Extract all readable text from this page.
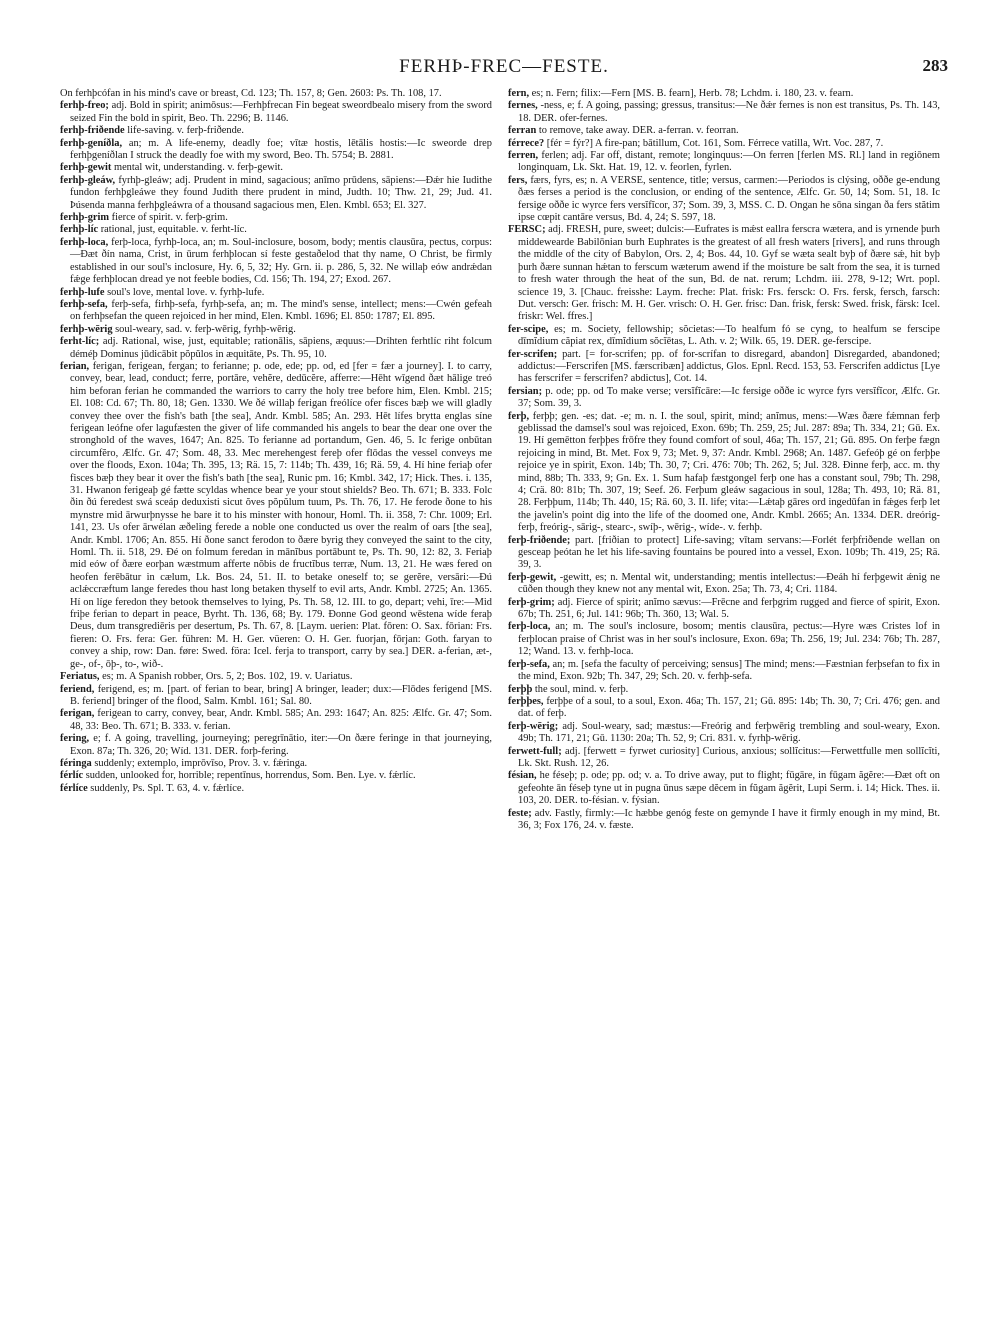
FERHÞ-FREC—FESTE.	283

On ferhþcófan in his mind's cave or breast, Cd. 123; Th. 157, 8; Gen. 2603: Ps. Th. 108, 17.

ferhþ-freo; adj. Bold in spirit; animōsus:—Ferhþfrecan Fin begeat sweordbealo misery from the sword seized Fin the bold in spirit, Beo. Th. 2296; B. 1146.

ferhþ-friðende life-saving. v. ferþ-friðende.

ferhþ-geníðla, an; m. A life-enemy, deadly foe; vītæ hostis, lētālis hostis:—Ic sweorde drep ferhþgeníðlan I struck the deadly foe with my sword, Beo. Th. 5754; B. 2881.

ferhþ-gewit mental wit, understanding. v. ferþ-gewit.

ferhþ-gleáw, fyrhþ-gleáw; adj. Prudent in mind, sagacious; anīmo prūdens, sāpiens:—Ðǽr hie Iudithe fundon ferhþgleáwe they found Judith there prudent in mind, Judth. 10; Thw. 21, 29; Jud. 41. Þúsenda manna ferhþgleáwra of a thousand sagacious men, Elen. Kmbl. 653; El. 327.

ferhþ-grim fierce of spirit. v. ferþ-grim.

ferhþ-líc rational, just, equitable. v. ferht-líc.

ferhþ-loca, ferþ-loca, fyrhþ-loca, an; m. Soul-inclosure, bosom, body; mentis clausūra, pectus, corpus:—Ðæt ðín nama, Crist, in ūrum ferhþlocan sí feste gestaðelod that thy name, O Christ, be firmly established in our soul's inclosure, Hy. 6, 5, 32; Hy. Grn. ii. p. 286, 5, 32. Ne willaþ eów andrǽdan fǽge ferhþlocan dread ye not feeble bodies, Cd. 156; Th. 194, 27; Exod. 267.

ferhþ-lufe soul's love, mental love. v. fyrhþ-lufe.

ferhþ-sefa, ferþ-sefa, firhþ-sefa, fyrhþ-sefa, an; m. The mind's sense, intellect; mens:—Cwén gefeah on ferhþsefan the queen rejoiced in her mind, Elen. Kmbl. 1696; El. 850: 1787; El. 895.

ferhþ-wērig soul-weary, sad. v. ferþ-wērig, fyrhþ-wērig.

ferht-líc; adj. Rational, wise, just, equitable; rationālis, sāpiens, æquus:—Drihten ferhtlíc riht folcum déméþ Dominus jūdicābit pŏpŭlos in æquitāte, Ps. Th. 95, 10.

ferian, ferigan, ferigean, fergan; to ferianne; p. ode, ede; pp. od, ed [fer = fær a journey]. I. to carry, convey, bear, lead, conduct; ferre, portāre, vehĕre, dedūcĕre, afferre:—Hēht wīgend ðæt hālige treó him beforan ferian he commanded the warriors to carry the holy tree before him, Elen. Kmbl. 215; El. 108: Cd. 67; Th. 80, 18; Gen. 1330. We ðé willaþ ferigan freólíce ofer fisces bæþ we will gladly convey thee over the fish's bath [the sea], Andr. Kmbl. 585; An. 293. Hēt lífes brytta englas síne ferigean leófne ofer lagufæsten the giver of life commanded his angels to bear the dear one over the stronghold of the waves, 1647; An. 825. To ferianne ad portandum, Gen. 46, 5. Ic ferige onbūtan circumfĕro, Ælfc. Gr. 47; Som. 48, 33. Mec merehengest fereþ ofer flōdas the vessel conveys me over the floods, Exon. 104a; Th. 395, 13; Rä. 15, 7: 114b; Th. 439, 16; Rä. 59, 4. Hí hine feriaþ ofer fisces bæþ they bear it over the fish's bath [the sea], Runic pm. 16; Kmbl. 342, 17; Hick. Thes. i. 135, 31. Hwanon ferigeaþ gé fætte scyldas whence bear ye your stout shields? Beo. Th. 671; B. 333. Folc ðin ðú feredest swá sceáp deduxisti sicut ŏves pŏpŭlum tuum, Ps. Th. 76, 17. He ferode ðone to his mynstre mid ārwurþnysse he bare it to his minster with honour, Homl. Th. ii. 358, 7: Chr. 1009; Erl. 141, 23. Us ofer ārwélan æðeling ferede a noble one conducted us over the realm of oars [the sea], Andr. Kmbl. 1706; An. 855. Hí ðone sanct ferodon to ðære byrig they conveyed the saint to the city, Homl. Th. ii. 518, 29. Ðé on folmum feredan in mānĭbus portābunt te, Ps. Th. 90, 12: 82, 3. Feriaþ mid eów of ðære eorþan wæstmum afferte nŏbis de fructĭbus terræ, Num. 13, 21. He wæs fered on heofen ferēbātur in cælum, Lk. Bos. 24, 51. II. to betake oneself to; se gerĕre, versāri:—Ðú aclǽccræftum lange feredes thou hast long betaken thyself to evil arts, Andr. Kmbl. 2725; An. 1365. Hí on líge feredon they betook themselves to lying, Ps. Th. 58, 12. III. to go, depart; vehi, īre:—Mid friþe ferian to depart in peace, Byrht. Th. 136, 68; By. 179. Ðonne God geond wēstena wíde feraþ Deus, dum transgrediēris per desertum, Ps. Th. 67, 8. [Laym. uerien: Plat. fōren: O. Sax. fōrian: Frs. fieren: O. Frs. fera: Ger. führen: M. H. Ger. vüeren: O. H. Ger. fuorjan, fōrjan: Goth. faryan to convey a ship, row: Dan. føre: Swed. föra: Icel. ferja to transport, carry by sea.] DER. a-ferian, æt-, ge-, of-, ōþ-, to-, wið-.

Feriatus, es; m. A Spanish robber, Ors. 5, 2; Bos. 102, 19. v. Uariatus.

feriend, ferigend, es; m. [part. of ferian to bear, bring] A bringer, leader; dux:—Flōdes ferigend [MS. B. feriend] bringer of the flood, Salm. Kmbl. 161; Sal. 80.

ferigan, ferigean to carry, convey, bear, Andr. Kmbl. 585; An. 293: 1647; An. 825: Ælfc. Gr. 47; Som. 48, 33: Beo. Th. 671; B. 333. v. ferian.

fering, e; f. A going, travelling, journeying; peregrīnātio, iter:—On ðære feringe in that journeying, Exon. 87a; Th. 326, 20; Wíd. 131. DER. forþ-fering.

féringa suddenly; extemplo, imprōvīso, Prov. 3. v. fǽringa.

férlíc sudden, unlooked for, horrible; repentīnus, horrendus, Som. Ben. Lye. v. fǽrlíc.

férlíce suddenly, Ps. Spl. T. 63, 4. v. fǽrlíce.

fern, es; n. Fern; filix:—Fern [MS. B. fearn], Herb. 78; Lchdm. i. 180, 23. v. fearn.

fernes, -ness, e; f. A going, passing; gressus, transitus:—Ne ðǽr fernes is non est transitus, Ps. Th. 143, 18. DER. ofer-fernes.

ferran to remove, take away. DER. a-ferran. v. feorran.

férrece? [fér = fýr?] A fire-pan; bātillum, Cot. 161, Som. Férrece vatilla, Wrt. Voc. 287, 7.

ferren, ferlen; adj. Far off, distant, remote; longinquus:—On ferren [ferlen MS. Rl.] land in regiōnem longinquam, Lk. Skt. Hat. 19, 12. v. feorlen, fyrlen.

fers, færs, fyrs, es; n. A VERSE, sentence, title; versus, carmen:—Periodos is clýsing, oððe ge-endung ðæs ferses a period is the conclusion, or ending of the sentence, Ælfc. Gr. 50, 14; Som. 51, 18. Ic fersige oððe ic wyrce fers versĭfĭcor, 37; Som. 39, 3, MSS. C. D. Ongan he sōna singan ða fers stătim ipse cœpit cantāre versus, Bd. 4, 24; S. 597, 18.

FERSC; adj. FRESH, pure, sweet; dulcis:—Eufrates is mǽst eallra ferscra wætera, and is yrnende þurh middewearde Babilōnian burh Euphrates is the greatest of all fresh waters [rivers], and runs through the middle of the city of Babylon, Ors. 2, 4; Bos. 44, 10. Gyf se wæta sealt byþ of ðære sǽ, hit byþ þurh ðære sunnan hǽtan to ferscum wæterum awend if the moisture be salt from the sea, it is turned to fresh water through the heat of the sun, Bd. de nat. rerum; Lchdm. iii. 278, 9-12; Wrt. popl. science 19, 3. [Chauc. freisshe: Laym. freche: Plat. frisk: Frs. fersck: O. Frs. fersk, fersch, farsch: Dut. versch: Ger. frisch: M. H. Ger. vrisch: O. H. Ger. frisc: Dan. frisk, fersk: Swed. frisk, färsk: Icel. friskr: Wel. ffres.]

fer-scipe, es; m. Society, fellowship; sŏcietas:—To healfum fó se cyng, to healfum se ferscipe dīmĭdium căpiat rex, dīmĭdium sŏcĭētas, L. Ath. v. 2; Wilk. 65, 19. DER. ge-ferscipe.

fer-scrifen; part. [= for-scrifen; pp. of for-scrífan to disregard, abandon] Disregarded, abandoned; addictus:—Ferscrifen [MS. færscribæn] addictus, Glos. Epnl. Recd. 153, 53. Ferscrifen addictus [Lye has ferscrifer = ferscrifen? abdictus], Cot. 14.

fersian; p. ode; pp. od To make verse; versĭfĭcāre:—Ic fersige oððe ic wyrce fyrs versĭfĭcor, Ælfc. Gr. 37; Som. 39, 3.

ferþ, ferþþ; gen. -es; dat. -e; m. n. I. the soul, spirit, mind; anĭmus, mens:—Wæs ðære fǽmnan ferþ geblissad the damsel's soul was rejoiced, Exon. 69b; Th. 259, 25; Jul. 287: 89a; Th. 334, 21; Gū. Ex. 19. Hí gemētton ferþþes frōfre they found comfort of soul, 46a; Th. 157, 21; Gū. 895. On ferþe fægn rejoicing in mind, Bt. Met. Fox 9, 73; Met. 9, 37: Andr. Kmbl. 2968; An. 1487. Gefeóþ gé on ferþþe rejoice ye in spirit, Exon. 14b; Th. 30, 7; Cri. 476: 70b; Th. 262, 5; Jul. 328. Ðinne ferþ, acc. m. thy mind, 88b; Th. 333, 9; Gn. Ex. 1. Sum hafaþ fæstgongel ferþ one has a constant soul, 79b; Th. 298, 4; Crä. 80: 81b; Th. 307, 19; Seef. 26. Ferþum gleáw sagacious in soul, 128a; Th. 493, 10; Rä. 81, 28. Ferþþum, 114b; Th. 440, 15; Rä. 60, 3. II. life; vita:—Lǽtaþ gāres ord ingedūfan in fǽges ferþ let the javelin's point dig into the life of the doomed one, Andr. Kmbl. 2665; An. 1334. DER. dreórig-ferþ, freórig-, sārig-, stearc-, swíþ-, wērig-, wíde-. v. ferhþ.

ferþ-friðende; part. [friðian to protect] Life-saving; vītam servans:—Forlét ferþfriðende wellan on gesceap þeótan he let his life-saving fountains be poured into a vessel, Exon. 109b; Th. 419, 25; Rä. 39, 3.

ferþ-gewit, -gewitt, es; n. Mental wit, understanding; mentis intellectus:—Ðeáh hí ferþgewit ǽnig ne cūðen though they knew not any mental wit, Exon. 25a; Th. 73, 4; Cri. 1184.

ferþ-grim; adj. Fierce of spirit; anĭmo sævus:—Frēcne and ferþgrim rugged and fierce of spirit, Exon. 67b; Th. 251, 6; Jul. 141: 96b; Th. 360, 13; Wal. 5.

ferþ-loca, an; m. The soul's inclosure, bosom; mentis clausūra, pectus:—Hyre wæs Cristes lof in ferþlocan praise of Christ was in her soul's inclosure, Exon. 69a; Th. 256, 19; Jul. 234: 76b; Th. 287, 12; Wand. 13. v. ferhþ-loca.

ferþ-sefa, an; m. [sefa the faculty of perceiving; sensus] The mind; mens:—Fæstnian ferþsefan to fix in the mind, Exon. 92b; Th. 347, 29; Sch. 20. v. ferhþ-sefa.

ferþþ the soul, mind. v. ferþ.

ferþþes, ferþþe of a soul, to a soul, Exon. 46a; Th. 157, 21; Gū. 895: 14b; Th. 30, 7; Cri. 476; gen. and dat. of ferþ.

ferþ-wērig; adj. Soul-weary, sad; mæstus:—Freórig and ferþwērig trembling and soul-weary, Exon. 49b; Th. 171, 21; Gū. 1130: 20a; Th. 52, 9; Cri. 831. v. fyrhþ-wērig.

ferwett-full; adj. [ferwett = fyrwet curiosity] Curious, anxious; sollĭcitus:—Ferwettfulle men sollĭcĭti, Lk. Skt. Rush. 12, 26.

fésian, he féseþ; p. ode; pp. od; v. a. To drive away, put to flight; fūgāre, in fūgam ăgĕre:—Ðæt oft on gefeohte ān féseþ tyne ut in pugna ūnus sæpe dĕcem in fŭgam ăgĕrit, Lupi Serm. i. 14; Hick. Thes. ii. 103, 20. DER. to-fésian. v. fýsian.

feste; adv. Fastly, firmly:—Ic hæbbe genóg feste on gemynde I have it firmly enough in my mind, Bt. 36, 3; Fox 176, 24. v. fæste.
